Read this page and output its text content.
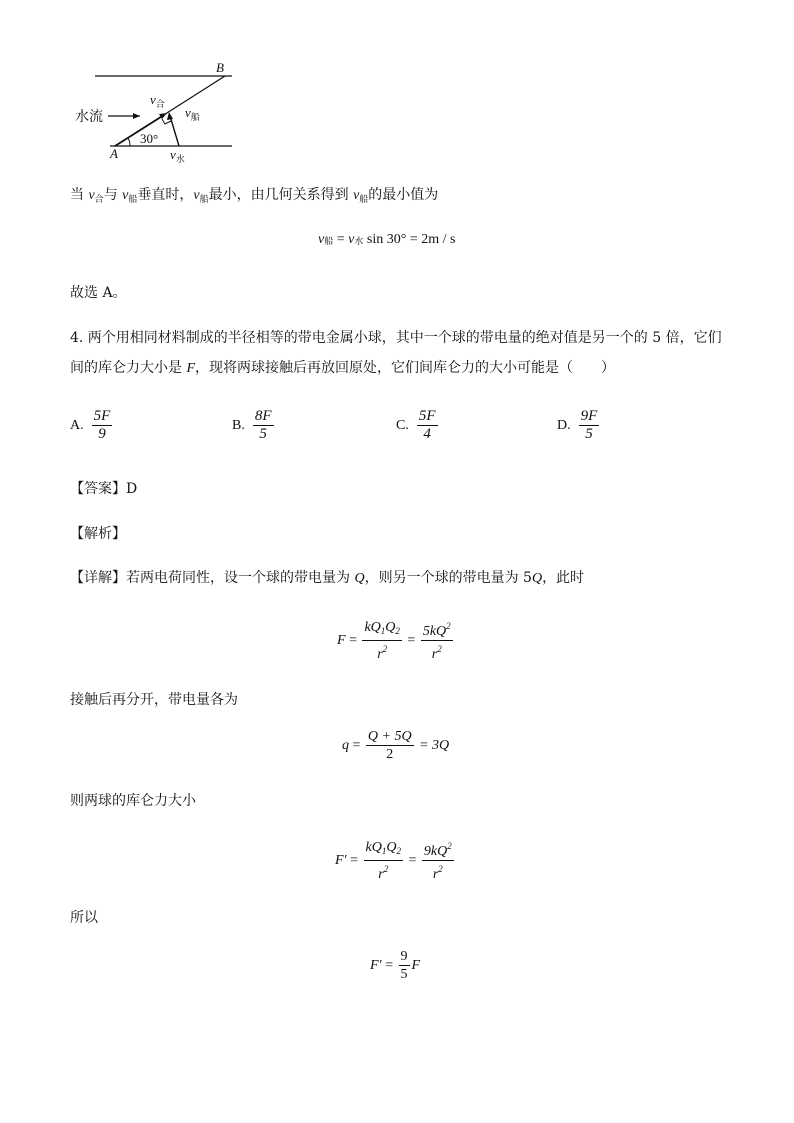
B
A
水流
30°
$v_合$ $v_船$
$v_水$
当 $v_合$与 $v_船$垂直时，$v_船$最小，由几何关系得到 $v_船$的最小值为
v 船 = v 水 sin 30° = 2m / s
故选 A。
4. 两个用相同材料制成的半径相等的带电金属小球，其中一个球的带电量的绝对值是另一个的 5 倍，它们
间的库仑力大小是 F，现将两球接触后再放回原处，它们间库仑力的大小可能是（　　）
A. $\frac{5F}{9}$	B. $\frac{8F}{5}$	C. $\frac{5F}{4}$	D. $\frac{9F}{5}$
【答案】D
【解析】
【详解】若两电荷同性，设一个球的带电量为 Q，则另一个球的带电量为 5Q，此时
$F = \frac{kQ_1Q_2}{r^2} = \frac{5kQ^2}{r^2}$
接触后再分开，带电量各为
$q = \frac{Q + 5Q}{2} = 3Q$
则两球的库仑力大小
$F' = \frac{kQ_1Q_2}{r^2} = \frac{9kQ^2}{r^2}$
所以
$F' = \frac{9}{5}$ F
